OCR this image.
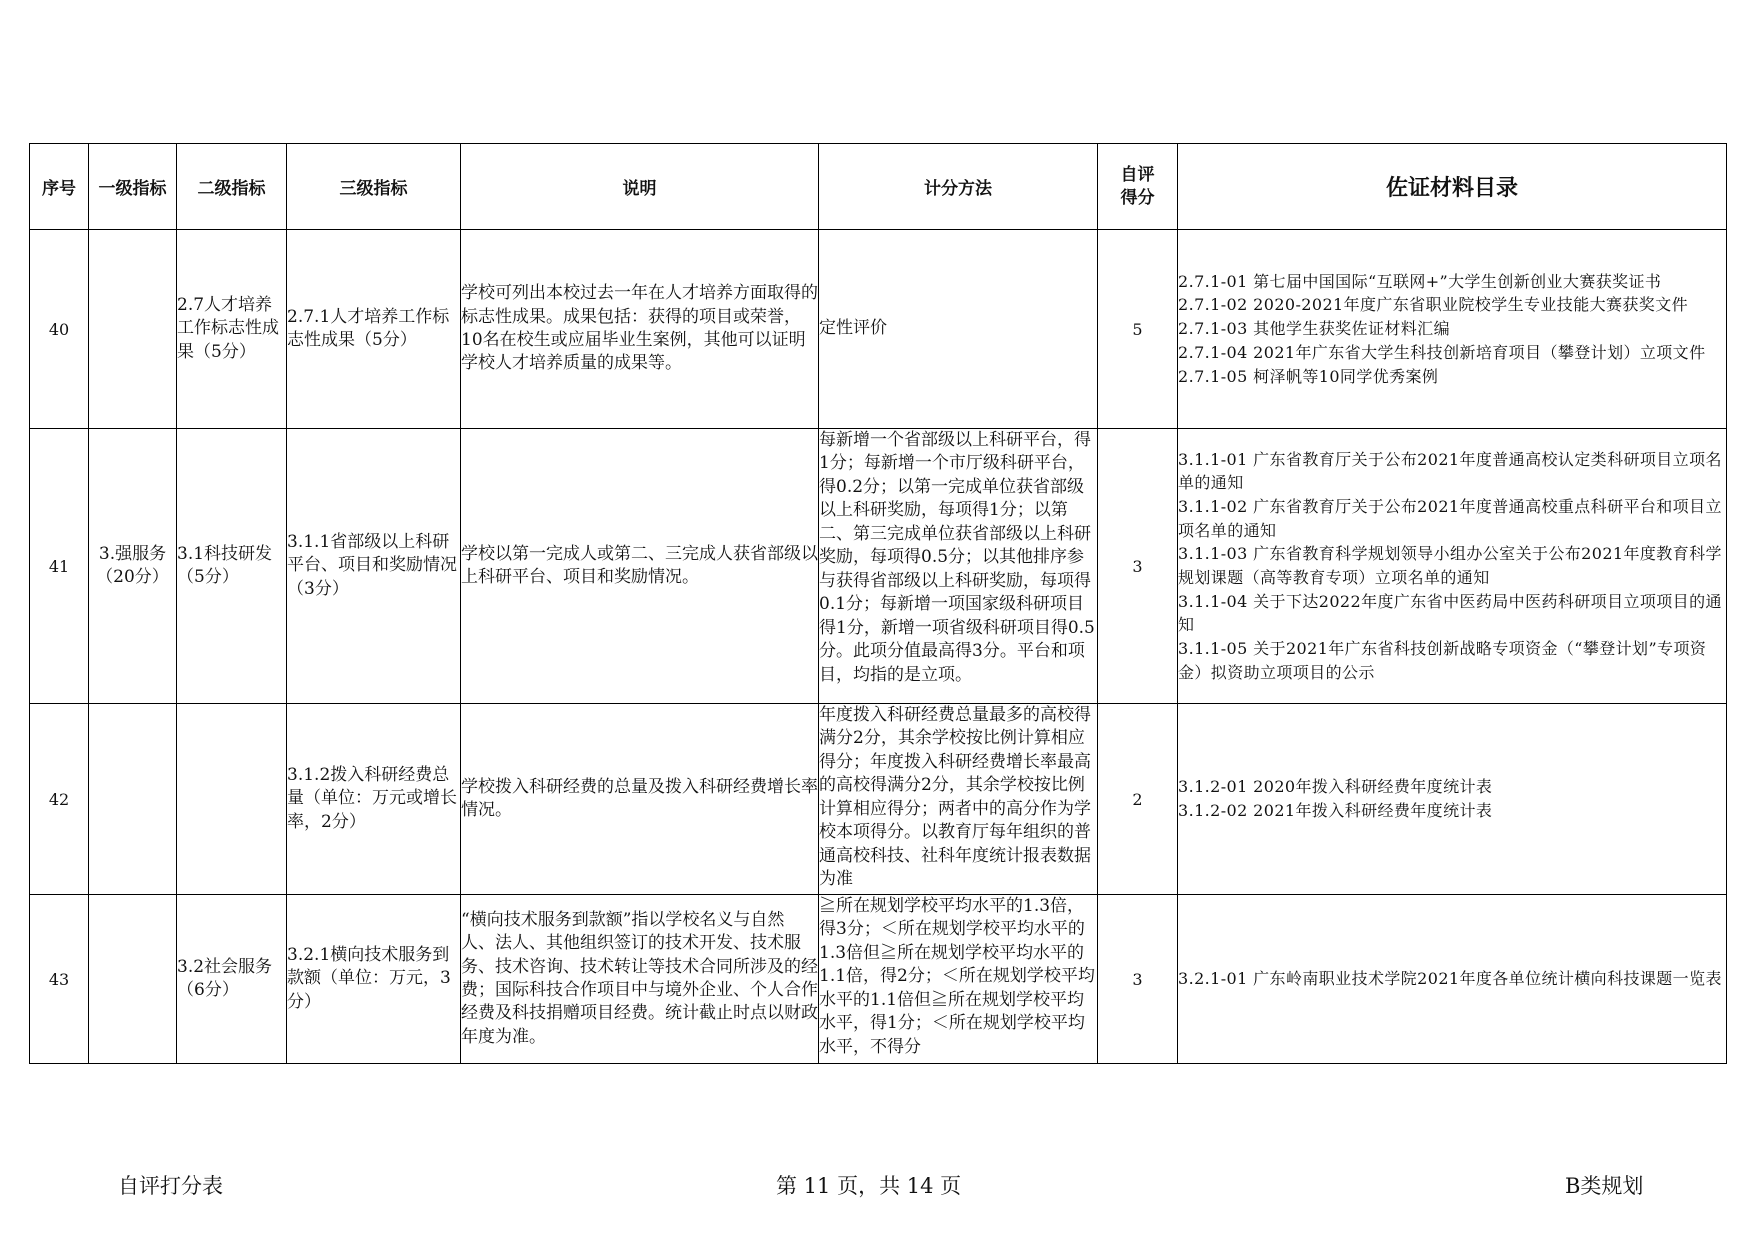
序号	一级指标	二级指标	三级指标	说明	计分方法	自评得分	佐证材料目录
40		2.7人才培养工作标志性成果（5分）	2.7.1人才培养工作标志性成果（5分）	学校可列出本校过去一年在人才培养方面取得的标志性成果。成果包括：获得的项目或荣誉，10名在校生或应届毕业生案例，其他可以证明学校人才培养质量的成果等。	定性评价	5	2.7.1-01 第七届中国国际“互联网+”大学生创新创业大赛获奖证书
2.7.1-02 2020-2021年度广东省职业院校学生专业技能大赛获奖文件
2.7.1-03 其他学生获奖佐证材料汇编
2.7.1-04 2021年广东省大学生科技创新培育项目（攀登计划）立项文件
2.7.1-05 柯泽帆等10同学优秀案例

41	3.强服务（20分）	3.1科技研发（5分）	3.1.1省部级以上科研平台、项目和奖励情况（3分）	学校以第一完成人或第二、三完成人获省部级以上科研平台、项目和奖励情况。	每新增一个省部级以上科研平台，得1分；每新增一个市厅级科研平台，得0.2分；以第一完成单位获省部级以上科研奖励，每项得1分；以第二、第三完成单位获省部级以上科研奖励，每项得0.5分；以其他排序参与获得省部级以上科研奖励，每项得0.1分；每新增一项国家级科研项目得1分，新增一项省级科研项目得0.5分。此项分值最高得3分。平台和项目，均指的是立项。	3	3.1.1-01 广东省教育厅关于公布2021年度普通高校认定类科研项目立项名单的通知
3.1.1-02 广东省教育厅关于公布2021年度普通高校重点科研平台和项目立项名单的通知
3.1.1-03 广东省教育科学规划领导小组办公室关于公布2021年度教育科学规划课题（高等教育专项）立项名单的通知
3.1.1-04 关于下达2022年度广东省中医药局中医药科研项目立项项目的通知
3.1.1-05 关于2021年广东省科技创新战略专项资金（“攀登计划”专项资金）拟资助立项项目的公示

42			3.1.2拨入科研经费总量（单位：万元或增长率，2分）	学校拨入科研经费的总量及拨入科研经费增长率情况。	年度拨入科研经费总量最多的高校得满分2分，其余学校按比例计算相应得分；年度拨入科研经费增长率最高的高校得满分2分，其余学校按比例计算相应得分；两者中的高分作为学校本项得分。以教育厅每年组织的普通高校科技、社科年度统计报表数据为准	2	3.1.2-01 2020年拨入科研经费年度统计表
3.1.2-02 2021年拨入科研经费年度统计表

43		3.2社会服务（6分）	3.2.1横向技术服务到款额（单位：万元，3分）	“横向技术服务到款额”指以学校名义与自然人、法人、其他组织签订的技术开发、技术服务、技术咨询、技术转让等技术合同所涉及的经费；国际科技合作项目中与境外企业、个人合作经费及科技捐赠项目经费。统计截止时点以财政年度为准。	≧所在规划学校平均水平的1.3倍，得3分；＜所在规划学校平均水平的1.3倍但≧所在规划学校平均水平的1.1倍，得2分；＜所在规划学校平均水平的1.1倍但≧所在规划学校平均水平，得1分；＜所在规划学校平均水平，不得分	3	3.2.1-01 广东岭南职业技术学院2021年度各单位统计横向科技课题一览表
自评打分表	第 11 页，共 14 页	B类规划
